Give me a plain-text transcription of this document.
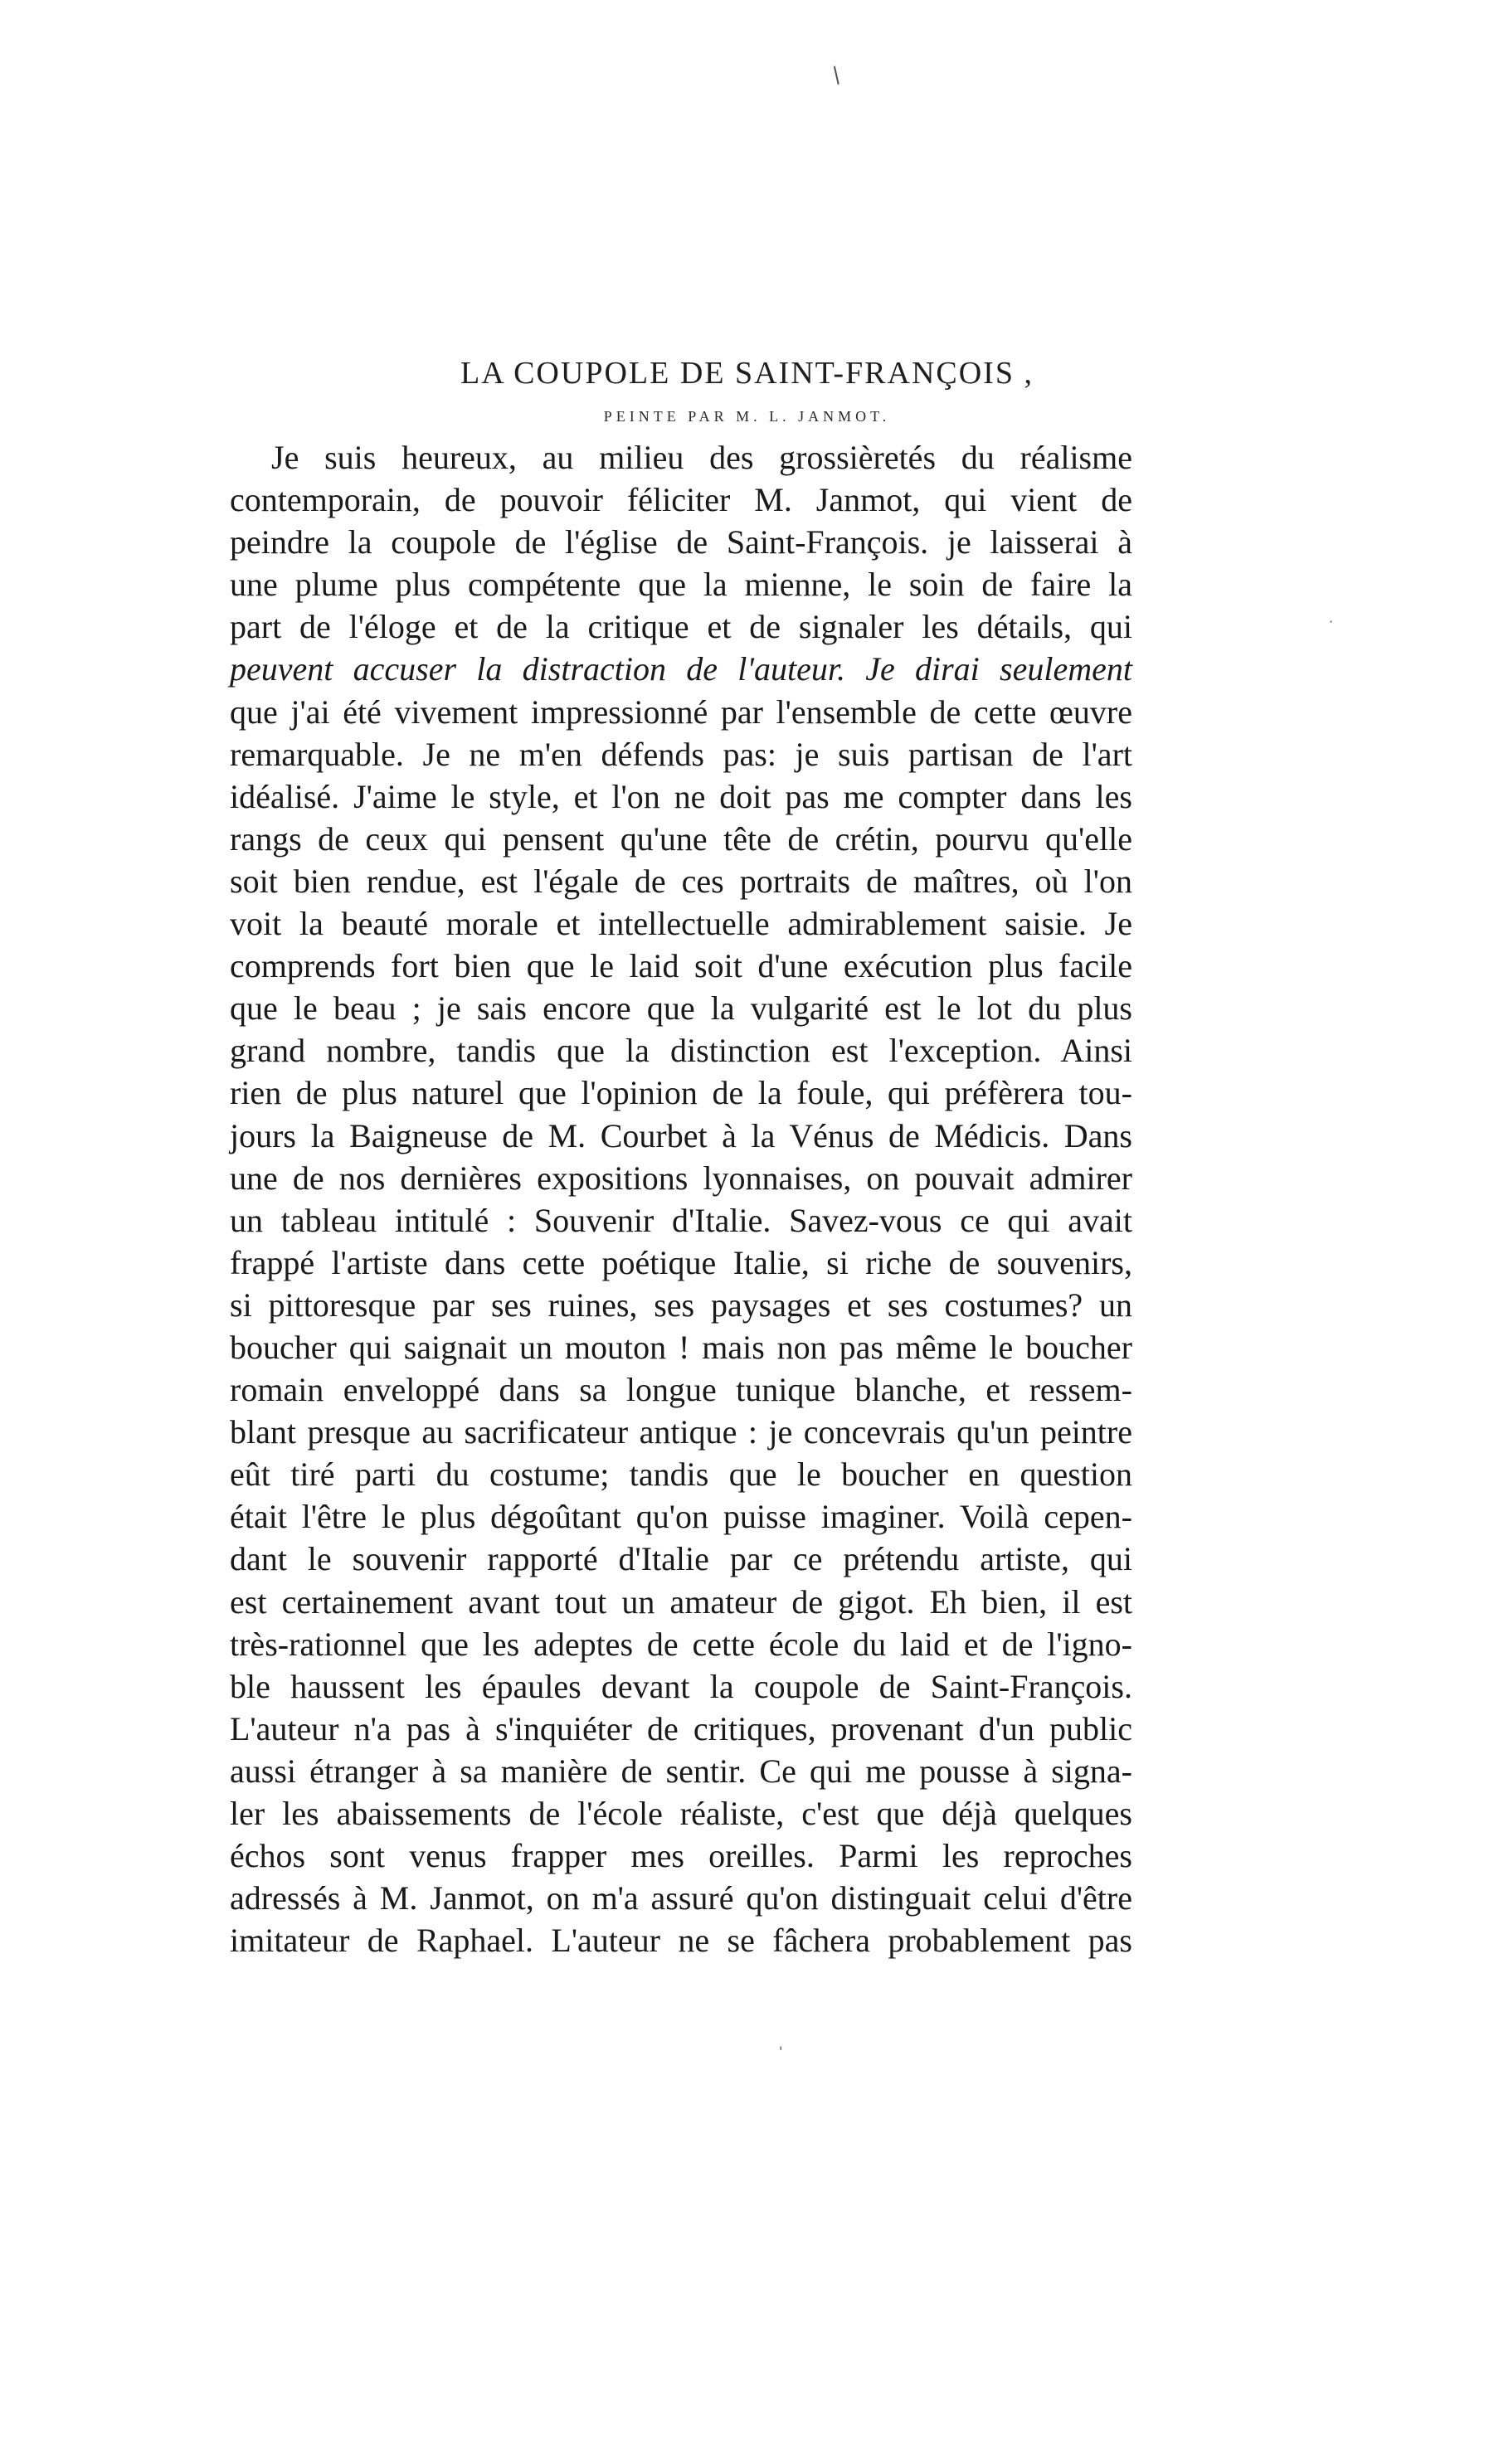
/
·
'
LA COUPOLE DE SAINT-FRANÇOIS ,
PEINTE PAR M. L. JANMOT.
Je suis heureux, au milieu des grossièretés du réalisme
contemporain, de pouvoir féliciter M. Janmot, qui vient de
peindre la coupole de l'église de Saint-François. je laisserai à
une plume plus compétente que la mienne, le soin de faire la
part de l'éloge et de la critique et de signaler les détails, qui
peuvent accuser la distraction de l'auteur. Je dirai seulement
que j'ai été vivement impressionné par l'ensemble de cette œuvre
remarquable. Je ne m'en défends pas: je suis partisan de l'art
idéalisé. J'aime le style, et l'on ne doit pas me compter dans les
rangs de ceux qui pensent qu'une tête de crétin, pourvu qu'elle
soit bien rendue, est l'égale de ces portraits de maîtres, où l'on
voit la beauté morale et intellectuelle admirablement saisie. Je
comprends fort bien que le laid soit d'une exécution plus facile
que le beau ; je sais encore que la vulgarité est le lot du plus
grand nombre, tandis que la distinction est l'exception. Ainsi
rien de plus naturel que l'opinion de la foule, qui préfèrera tou-
jours la Baigneuse de M. Courbet à la Vénus de Médicis. Dans
une de nos dernières expositions lyonnaises, on pouvait admirer
un tableau intitulé : Souvenir d'Italie. Savez-vous ce qui avait
frappé l'artiste dans cette poétique Italie, si riche de souvenirs,
si pittoresque par ses ruines, ses paysages et ses costumes? un
boucher qui saignait un mouton ! mais non pas même le boucher
romain enveloppé dans sa longue tunique blanche, et ressem-
blant presque au sacrificateur antique : je concevrais qu'un peintre
eût tiré parti du costume; tandis que le boucher en question
était l'être le plus dégoûtant qu'on puisse imaginer. Voilà cepen-
dant le souvenir rapporté d'Italie par ce prétendu artiste, qui
est certainement avant tout un amateur de gigot. Eh bien, il est
très-rationnel que les adeptes de cette école du laid et de l'igno-
ble haussent les épaules devant la coupole de Saint-François.
L'auteur n'a pas à s'inquiéter de critiques, provenant d'un public
aussi étranger à sa manière de sentir. Ce qui me pousse à signa-
ler les abaissements de l'école réaliste, c'est que déjà quelques
échos sont venus frapper mes oreilles. Parmi les reproches
adressés à M. Janmot, on m'a assuré qu'on distinguait celui d'être
imitateur de Raphael. L'auteur ne se fâchera probablement pas
